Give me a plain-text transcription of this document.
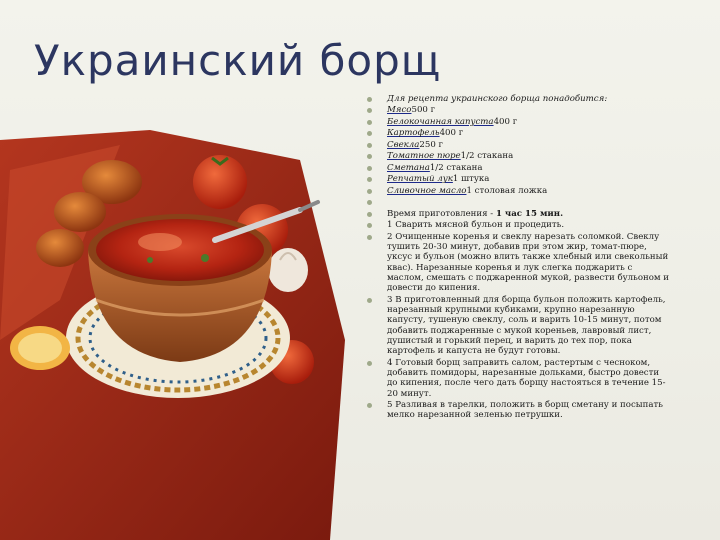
Украинский борщ
Для рецепта украинского борща понадобится:
Мясо500 г
Белокочанная капуста400 г
Картофель400 г
Свекла250 г
Томатное пюре1/2 стакана
Сметана1/2 стакана
Репчатый лук1 штука
Сливочное масло1 столовая ложка
Время приготовления - 1 час 15 мин.
1 Сварить мясной бульон и процедить.
2 Очищенные коренья и свеклу нарезать соломкой. Свеклу тушить 20-30 минут, добавив при этом жир, томат-пюре, уксус и бульон (можно влить также хлебный или свекольный квас). Нарезанные коренья и лук слегка поджарить с маслом, смешать с поджаренной мукой, развести бульоном и довести до кипения.
3 В приготовленный для борща бульон положить картофель, нарезанный крупными кубиками, крупно нарезанную капусту, тушеную свеклу, соль и варить 10-15 минут, потом добавить поджаренные с мукой кореньев, лавровый лист, душистый и горький перец, и варить до тех пор, пока картофель и капуста не будут готовы.
4 Готовый борщ заправить салом, растертым с чесноком, добавить помидоры, нарезанные дольками, быстро довести до кипения, после чего дать борщу настояться в течение 15-20 минут.
5 Разливая в тарелки, положить в борщ сметану и посыпать мелко нарезанной зеленью петрушки.
